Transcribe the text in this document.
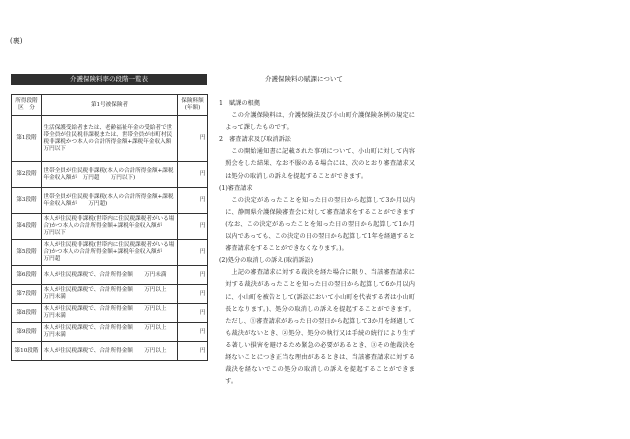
(裏)
介護保険料率の段階一覧表
所得段階
区　分	第1号被保険者	保険料額
(年額)
第1段階	生活保護受給者または、老齢福祉年金の受給者で世帯全員が住民税非課税または、世帯全員が市町村民税非課税かつ本人の合計所得金額+課税年金収入額　万円以下	円
第2段階	世帯全員が住民税非課税(本人の合計所得金額+課税年金収入額が　万円超　　万円以下)	円
第3段階	世帯全員が住民税非課税(本人の合計所得金額+課税年金収入額が　　万円超)	円
第4段階	本人が住民税非課税(世帯内に住民税課税者がいる場合)かつ本人の合計所得金額+課税年金収入額が　　万円以下	円
第5段階	本人が住民税非課税(世帯内に住民税課税者がいる場合)かつ本人の合計所得金額+課税年金収入額が　　万円超	円
第6段階	本人が住民税課税で、合計所得金額　　万円未満	円
第7段階	本人が住民税課税で、合計所得金額　　万円以上　　万円未満	円
第8段階	本人が住民税課税で、合計所得金額　　万円以上　　万円未満	円
第9段階	本人が住民税課税で、合計所得金額　　万円以上　　万円未満	円
第10段階	本人が住民税課税で、合計所得金額　　万円以上	円
介護保険料の賦課について

1　賦課の根拠

この介護保険料は、介護保険法及び小山町介護保険条例の規定によって課したものです。

2　審査請求及び取消訴訟

この開始通知書に記載された事項について、小山町に対して内容照会をした結果、なお不服のある場合には、次のとおり審査請求又は処分の取消しの訴えを提起することができます。

(1)審査請求

この決定があったことを知った日の翌日から起算して3か月以内に、静岡県介護保険審査会に対して審査請求をすることができます(なお、この決定があったことを知った日の翌日から起算して1か月以内であっても、この決定の日の翌日から起算して1年を経過すると審査請求をすることができなくなります。)。

(2)処分の取消しの訴え(取消訴訟)

上記の審査請求に対する裁決を経た場合に限り、当該審査請求に対する裁決があったことを知った日の翌日から起算して6か月以内に、小山町を被告として(訴訟において小山町を代表する者は小山町長となります。)、処分の取消しの訴えを提起することができます。ただし、①審査請求があった日の翌日から起算して3か月を経過しても裁決がないとき、②処分、処分の執行又は手続の続行により生ずる著しい損害を避けるため緊急の必要があるとき、③その他裁決を経ないことにつき正当な理由があるときは、当該審査請求に対する裁決を経ないでこの処分の取消しの訴えを提起することができます。
